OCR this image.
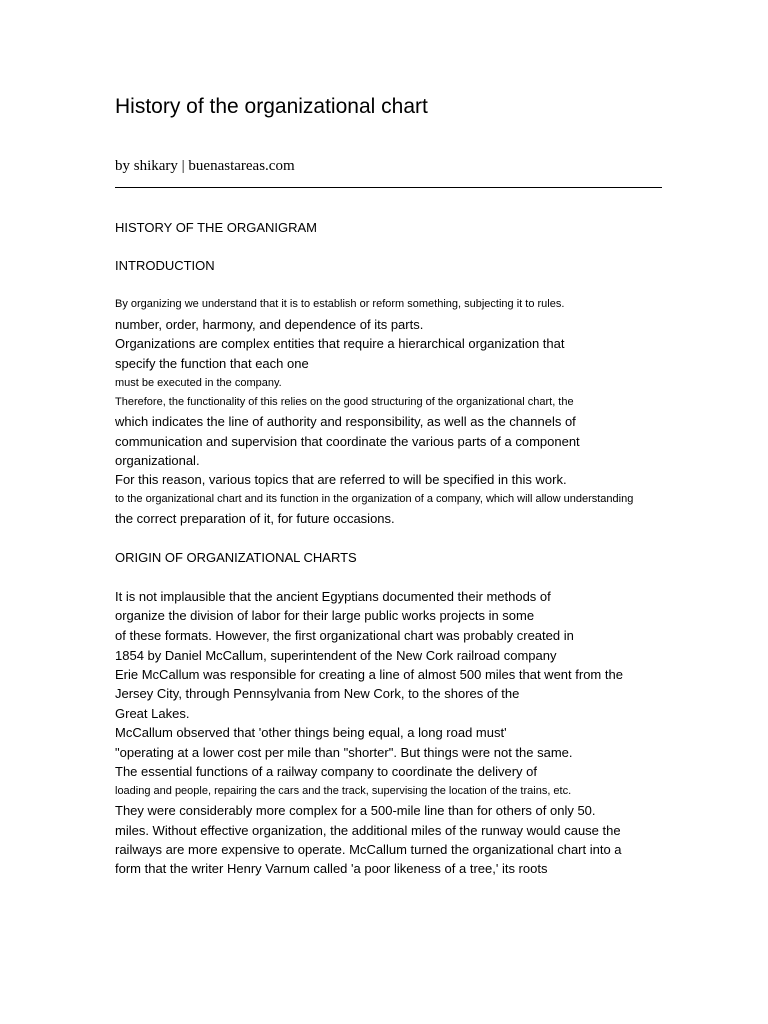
History of the organizational chart
by shikary | buenastareas.com
HISTORY OF THE ORGANIGRAM
INTRODUCTION
By organizing we understand that it is to establish or reform something, subjecting it to rules.
number, order, harmony, and dependence of its parts.
Organizations are complex entities that require a hierarchical organization that
specify the function that each one
must be executed in the company.
Therefore, the functionality of this relies on the good structuring of the organizational chart, the
which indicates the line of authority and responsibility, as well as the channels of
communication and supervision that coordinate the various parts of a component
organizational.
For this reason, various topics that are referred to will be specified in this work.
to the organizational chart and its function in the organization of a company, which will allow understanding
the correct preparation of it, for future occasions.
ORIGIN OF ORGANIZATIONAL CHARTS
It is not implausible that the ancient Egyptians documented their methods of
organize the division of labor for their large public works projects in some
of these formats. However, the first organizational chart was probably created in
1854 by Daniel McCallum, superintendent of the New Cork railroad company
Erie McCallum was responsible for creating a line of almost 500 miles that went from the
Jersey City, through Pennsylvania from New Cork, to the shores of the
Great Lakes.
McCallum observed that 'other things being equal, a long road must'
"operating at a lower cost per mile than "shorter". But things were not the same.
The essential functions of a railway company to coordinate the delivery of
loading and people, repairing the cars and the track, supervising the location of the trains, etc.
They were considerably more complex for a 500-mile line than for others of only 50.
miles. Without effective organization, the additional miles of the runway would cause the
railways are more expensive to operate. McCallum turned the organizational chart into a
form that the writer Henry Varnum called 'a poor likeness of a tree,' its roots
